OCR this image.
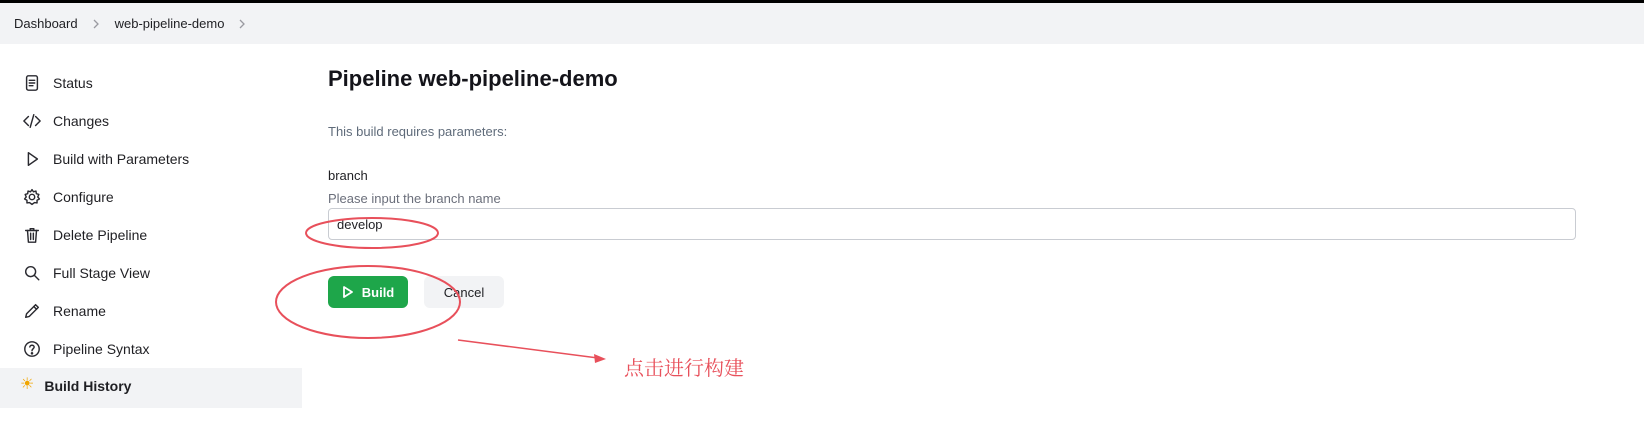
Dashboard	web-pipeline-demo
Status
Changes
Build with Parameters
Configure
Delete Pipeline
Full Stage View
Rename
Pipeline Syntax
☀ Build History
Pipeline web-pipeline-demo
This build requires parameters:
branch
Please input the branch name
develop
Build	Cancel
点击进行构建
